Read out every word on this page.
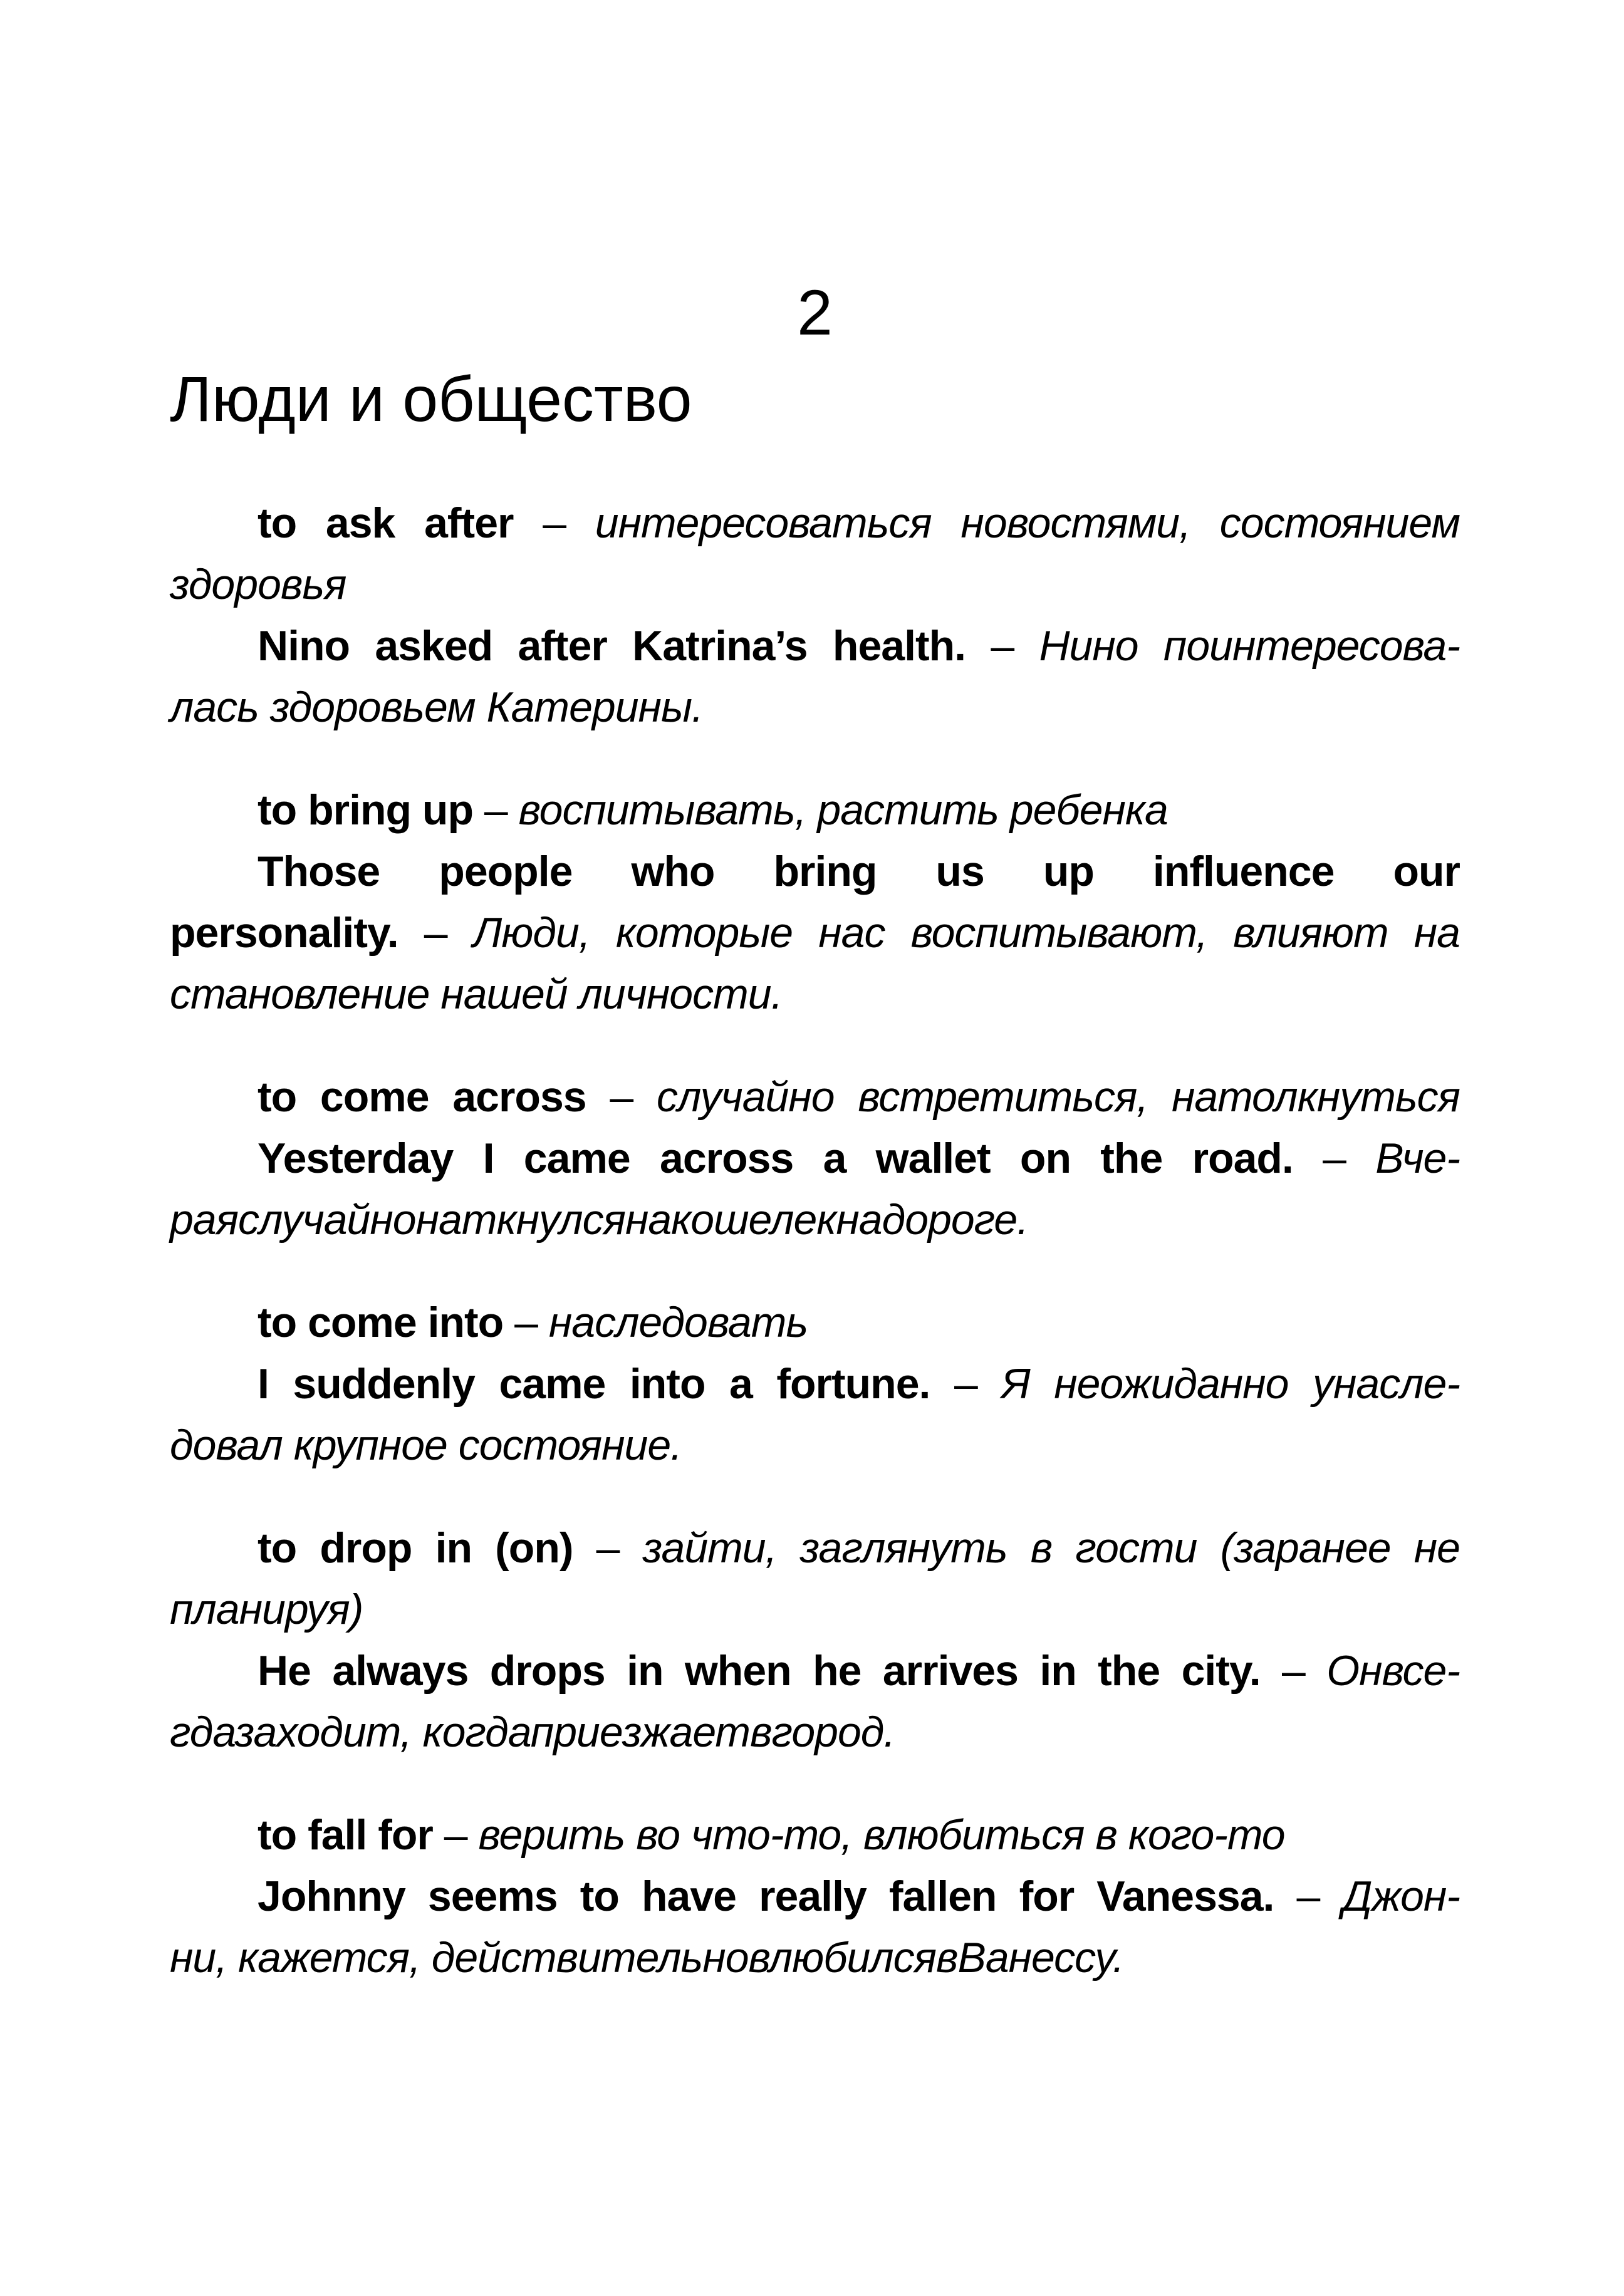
2
Люди и общество
to ask after – интересоваться новостями, состоянием
здоровья
Nino asked after Katrina’s health. – Нино поинтересова-
лась здоровьем Катерины.
to bring up – воспитывать, растить ребенка
Those people who bring us up influence our
personality. – Люди, которые нас воспитывают, влияют на
становление нашей личности.
to come across – случайно встретиться, натолкнуться
Yesterday I came across a wallet on the road. – Вче-
раяслучайнонаткнулсянакошелекнадороге.
to come into – наследовать
I suddenly came into a fortune. – Я неожиданно унасле-
довал крупное состояние.
to drop in (on) – зайти, заглянуть в гости (заранее не
планируя)
He always drops in when he arrives in the city. – Онвсе-
гдазаходит, когдаприезжаетвгород.
to fall for – верить во что-то, влюбиться в кого-то
Johnny seems to have really fallen for Vanessa. – Джон-
ни, кажется, действительновлюбилсявВанессу.
